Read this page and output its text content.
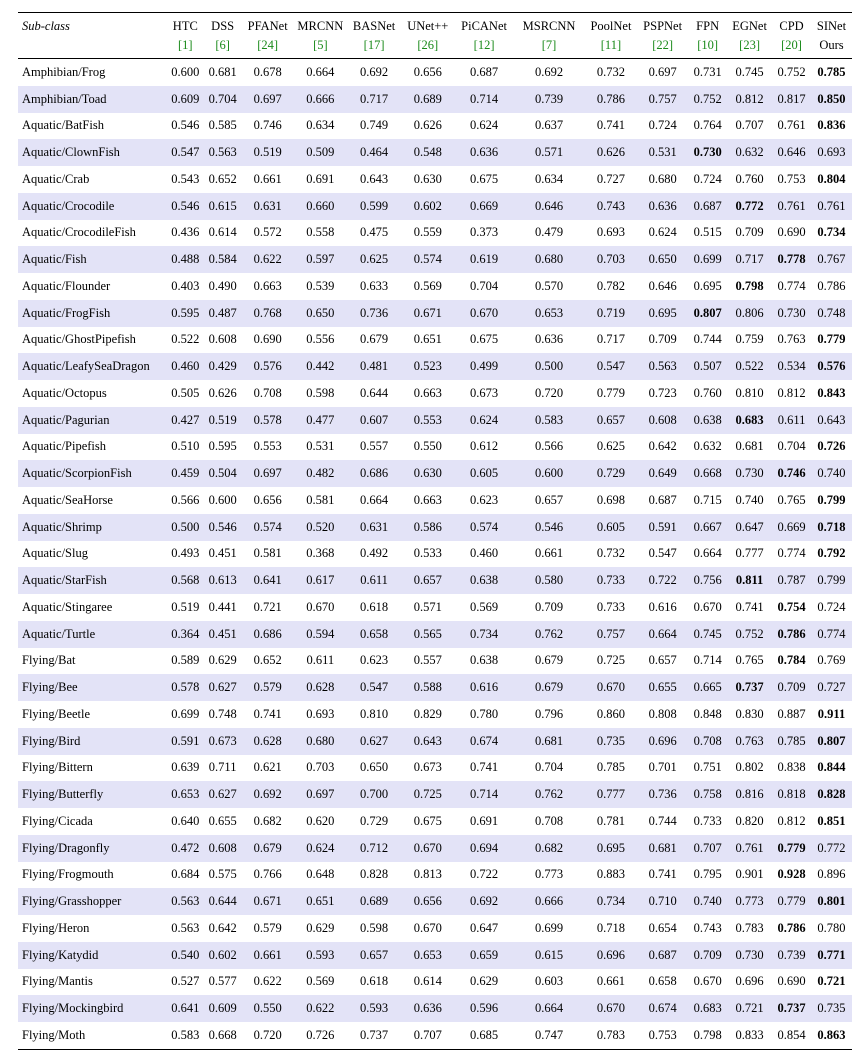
Sub-class	HTC	DSS	PFANet	MRCNN	BASNet	UNet++	PiCANet	MSRCNN	PoolNet	PSPNet	FPN	EGNet	CPD	SINet
	[1]	[6]	[24]	[5]	[17]	[26]	[12]	[7]	[11]	[22]	[10]	[23]	[20]	Ours
Amphibian/Frog	0.600	0.681	0.678	0.664	0.692	0.656	0.687	0.692	0.732	0.697	0.731	0.745	0.752	0.785
Amphibian/Toad	0.609	0.704	0.697	0.666	0.717	0.689	0.714	0.739	0.786	0.757	0.752	0.812	0.817	0.850
Aquatic/BatFish	0.546	0.585	0.746	0.634	0.749	0.626	0.624	0.637	0.741	0.724	0.764	0.707	0.761	0.836
Aquatic/ClownFish	0.547	0.563	0.519	0.509	0.464	0.548	0.636	0.571	0.626	0.531	0.730	0.632	0.646	0.693
Aquatic/Crab	0.543	0.652	0.661	0.691	0.643	0.630	0.675	0.634	0.727	0.680	0.724	0.760	0.753	0.804
Aquatic/Crocodile	0.546	0.615	0.631	0.660	0.599	0.602	0.669	0.646	0.743	0.636	0.687	0.772	0.761	0.761
Aquatic/CrocodileFish	0.436	0.614	0.572	0.558	0.475	0.559	0.373	0.479	0.693	0.624	0.515	0.709	0.690	0.734
Aquatic/Fish	0.488	0.584	0.622	0.597	0.625	0.574	0.619	0.680	0.703	0.650	0.699	0.717	0.778	0.767
Aquatic/Flounder	0.403	0.490	0.663	0.539	0.633	0.569	0.704	0.570	0.782	0.646	0.695	0.798	0.774	0.786
Aquatic/FrogFish	0.595	0.487	0.768	0.650	0.736	0.671	0.670	0.653	0.719	0.695	0.807	0.806	0.730	0.748
Aquatic/GhostPipefish	0.522	0.608	0.690	0.556	0.679	0.651	0.675	0.636	0.717	0.709	0.744	0.759	0.763	0.779
Aquatic/LeafySeaDragon	0.460	0.429	0.576	0.442	0.481	0.523	0.499	0.500	0.547	0.563	0.507	0.522	0.534	0.576
Aquatic/Octopus	0.505	0.626	0.708	0.598	0.644	0.663	0.673	0.720	0.779	0.723	0.760	0.810	0.812	0.843
Aquatic/Pagurian	0.427	0.519	0.578	0.477	0.607	0.553	0.624	0.583	0.657	0.608	0.638	0.683	0.611	0.643
Aquatic/Pipefish	0.510	0.595	0.553	0.531	0.557	0.550	0.612	0.566	0.625	0.642	0.632	0.681	0.704	0.726
Aquatic/ScorpionFish	0.459	0.504	0.697	0.482	0.686	0.630	0.605	0.600	0.729	0.649	0.668	0.730	0.746	0.740
Aquatic/SeaHorse	0.566	0.600	0.656	0.581	0.664	0.663	0.623	0.657	0.698	0.687	0.715	0.740	0.765	0.799
Aquatic/Shrimp	0.500	0.546	0.574	0.520	0.631	0.586	0.574	0.546	0.605	0.591	0.667	0.647	0.669	0.718
Aquatic/Slug	0.493	0.451	0.581	0.368	0.492	0.533	0.460	0.661	0.732	0.547	0.664	0.777	0.774	0.792
Aquatic/StarFish	0.568	0.613	0.641	0.617	0.611	0.657	0.638	0.580	0.733	0.722	0.756	0.811	0.787	0.799
Aquatic/Stingaree	0.519	0.441	0.721	0.670	0.618	0.571	0.569	0.709	0.733	0.616	0.670	0.741	0.754	0.724
Aquatic/Turtle	0.364	0.451	0.686	0.594	0.658	0.565	0.734	0.762	0.757	0.664	0.745	0.752	0.786	0.774
Flying/Bat	0.589	0.629	0.652	0.611	0.623	0.557	0.638	0.679	0.725	0.657	0.714	0.765	0.784	0.769
Flying/Bee	0.578	0.627	0.579	0.628	0.547	0.588	0.616	0.679	0.670	0.655	0.665	0.737	0.709	0.727
Flying/Beetle	0.699	0.748	0.741	0.693	0.810	0.829	0.780	0.796	0.860	0.808	0.848	0.830	0.887	0.911
Flying/Bird	0.591	0.673	0.628	0.680	0.627	0.643	0.674	0.681	0.735	0.696	0.708	0.763	0.785	0.807
Flying/Bittern	0.639	0.711	0.621	0.703	0.650	0.673	0.741	0.704	0.785	0.701	0.751	0.802	0.838	0.844
Flying/Butterfly	0.653	0.627	0.692	0.697	0.700	0.725	0.714	0.762	0.777	0.736	0.758	0.816	0.818	0.828
Flying/Cicada	0.640	0.655	0.682	0.620	0.729	0.675	0.691	0.708	0.781	0.744	0.733	0.820	0.812	0.851
Flying/Dragonfly	0.472	0.608	0.679	0.624	0.712	0.670	0.694	0.682	0.695	0.681	0.707	0.761	0.779	0.772
Flying/Frogmouth	0.684	0.575	0.766	0.648	0.828	0.813	0.722	0.773	0.883	0.741	0.795	0.901	0.928	0.896
Flying/Grasshopper	0.563	0.644	0.671	0.651	0.689	0.656	0.692	0.666	0.734	0.710	0.740	0.773	0.779	0.801
Flying/Heron	0.563	0.642	0.579	0.629	0.598	0.670	0.647	0.699	0.718	0.654	0.743	0.783	0.786	0.780
Flying/Katydid	0.540	0.602	0.661	0.593	0.657	0.653	0.659	0.615	0.696	0.687	0.709	0.730	0.739	0.771
Flying/Mantis	0.527	0.577	0.622	0.569	0.618	0.614	0.629	0.603	0.661	0.658	0.670	0.696	0.690	0.721
Flying/Mockingbird	0.641	0.609	0.550	0.622	0.593	0.636	0.596	0.664	0.670	0.674	0.683	0.721	0.737	0.735
Flying/Moth	0.583	0.668	0.720	0.726	0.737	0.707	0.685	0.747	0.783	0.753	0.798	0.833	0.854	0.863
